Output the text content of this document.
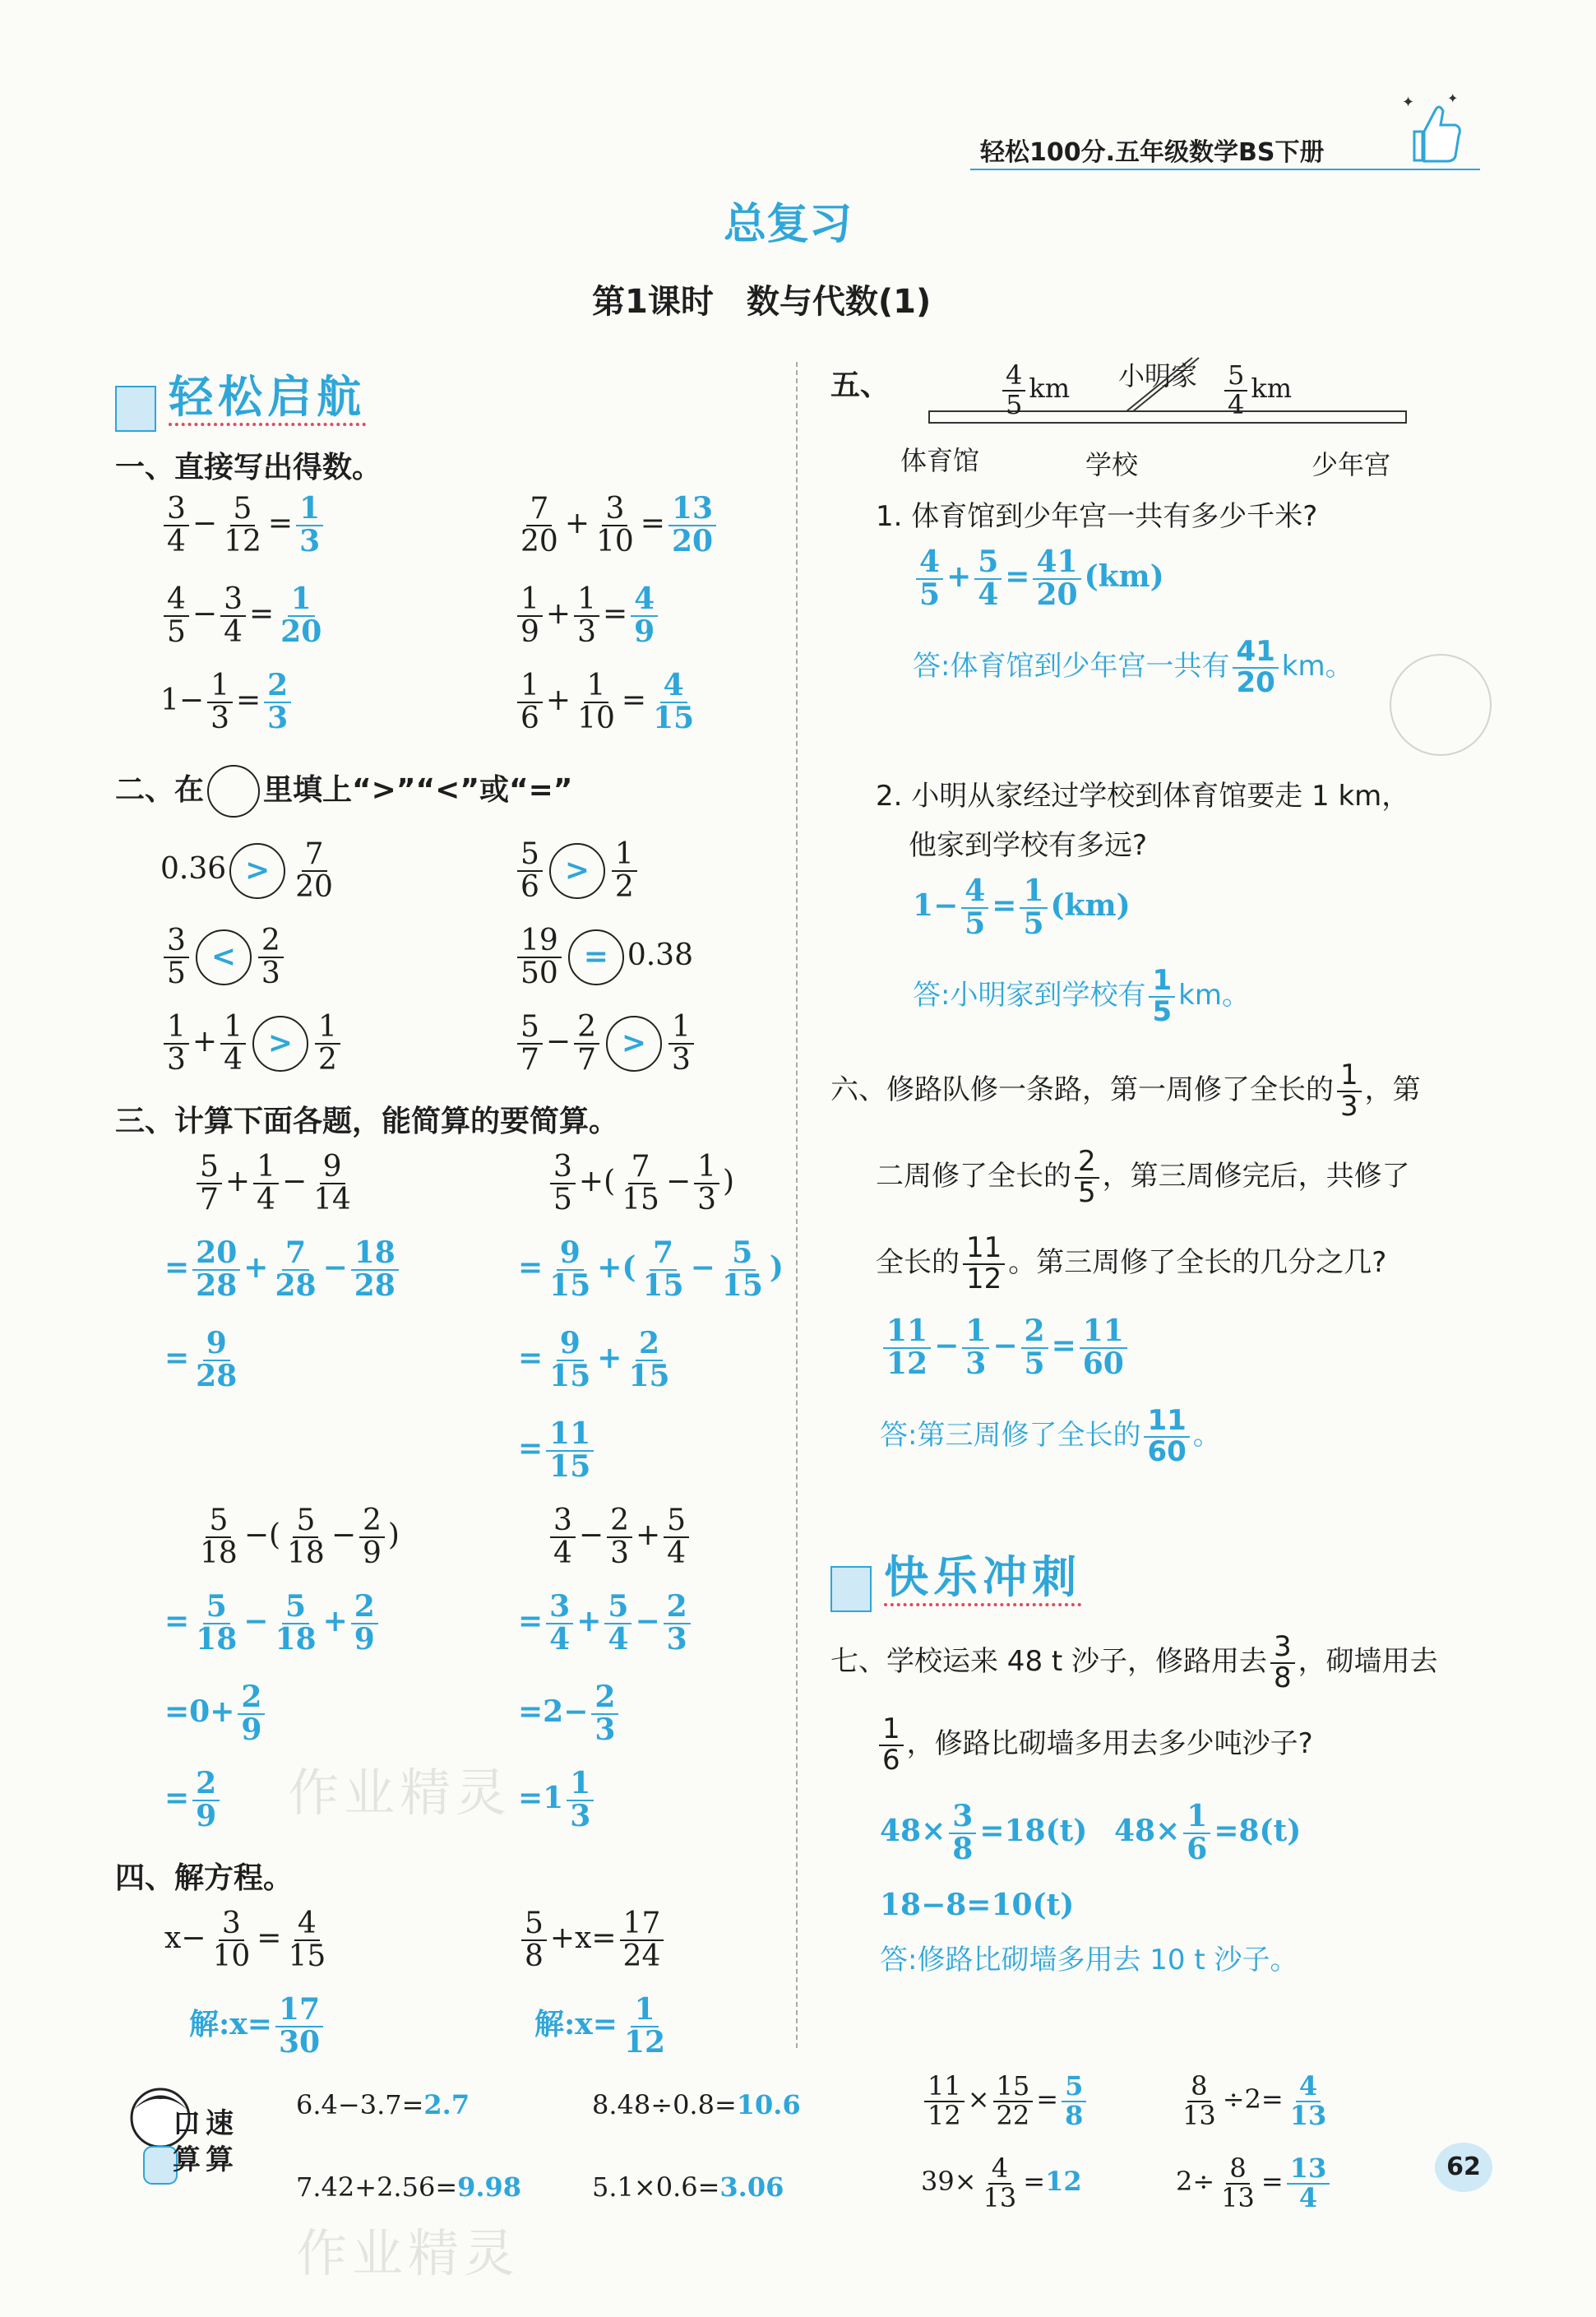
轻松100分.五年级数学BS下册
✦ ✦
总复习
第1课时　数与代数(1)
轻松启航
一、直接写出得数。
$\frac{3}{4} - \frac{5}{12} = \frac{1}{3}$	$\frac{7}{20} + \frac{3}{10} = \frac{13}{20}$
$\frac{4}{5} - \frac{3}{4} = \frac{1}{20}$	$\frac{1}{9} + \frac{1}{3} = \frac{4}{9}$
$1- \frac{1}{3} = \frac{2}{3}$	$\frac{1}{6} + \frac{1}{10} = \frac{4}{15}$
二、在 里填上“>”“<”或“=”
$0.36 > \frac{7}{20}$	$\frac{5}{6} > \frac{1}{2}$
$\frac{3}{5} < \frac{2}{3}$	$\frac{19}{50} = 0.38$
$\frac{1}{3} + \frac{1}{4} > \frac{1}{2}$	$\frac{5}{7} - \frac{2}{7} > \frac{1}{3}$
三、计算下面各题，能简算的要简算。
$\frac{5}{7} + \frac{1}{4} - \frac{9}{14}$
= $\frac{20}{28} + \frac{7}{28} - \frac{18}{28}$
= $\frac{9}{28}$
$\frac{3}{5}$ +( $\frac{7}{15} - \frac{1}{3}$ )
= $\frac{9}{15}$ +( $\frac{7}{15} - \frac{5}{15}$ )
= $\frac{9}{15} + \frac{2}{15}$
= $\frac{11}{15}$
$\frac{5}{18}$ −( $\frac{5}{18} - \frac{2}{9}$ )
= $\frac{5}{18} - \frac{5}{18} + \frac{2}{9}$
$=0+ \frac{2}{9}$
= $\frac{2}{9}$
$\frac{3}{4} - \frac{2}{3} + \frac{5}{4}$
= $\frac{3}{4} + \frac{5}{4} - \frac{2}{3}$
$=2- \frac{2}{3}$
$=1 \frac{1}{3}$
作业精灵
四、解方程。
$x- \frac{3}{10} = \frac{4}{15}$	$\frac{5}{8} +x= \frac{17}{24}$
解:x= $\frac{17}{30}$	解:x= $\frac{1}{12}$
五、	$\frac{4}{5}$ km	$\frac{5}{4}$ km
小明家
体育馆	学校	少年宫
1. 体育馆到少年宫一共有多少千米?
$\frac{4}{5} + \frac{5}{4} = \frac{41}{20} (km)$
答:体育馆到少年宫一共有 $\frac{41}{20}$ km。
2. 小明从家经过学校到体育馆要走 1 km，
他家到学校有多远?
$1- \frac{4}{5} = \frac{1}{5} (km)$
答:小明家到学校有 $\frac{1}{5}$ km。
六、修路队修一条路，第一周修了全长的 $\frac{1}{3}$ ，第
二周修了全长的 $\frac{2}{5}$ ，第三周修完后，共修了
全长的 $\frac{11}{12}$ 。第三周修了全长的几分之几?
$\frac{11}{12} - \frac{1}{3} - \frac{2}{5} = \frac{11}{60}$
答:第三周修了全长的 $\frac{11}{60}$ 。
快乐冲刺
七、学校运来 48 t 沙子，修路用去 $\frac{3}{8}$ ，砌墙用去
$\frac{1}{6}$ ，修路比砌墙多用去多少吨沙子?
$48\times \frac{3}{8} =18(t)$ $48\times \frac{1}{6} =8(t)$
18−8=10(t)
答:修路比砌墙多用去 10 t 沙子。
口算
速算
6.4−3.7=2.7	8.48÷0.8=10.6
7.42+2.56=9.98	5.1×0.6=3.06
$\frac{11}{12} \times \frac{15}{22} = \frac{5}{8}$	$\frac{8}{13} \div 2= \frac{4}{13}$
$39\times \frac{4}{13} =12$	$2\div \frac{8}{13} = \frac{13}{4}$
作业精灵
62
